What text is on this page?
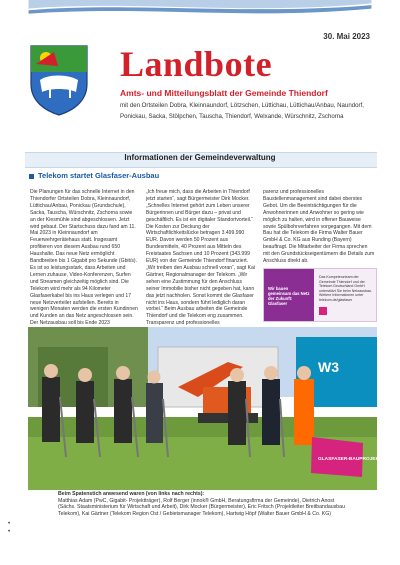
30. Mai 2023
Landbote
Amts- und Mitteilungsblatt der Gemeinde Thiendorf
mit den Ortsteilen Dobra, Kleinnaundorf, Lötzschen, Lüttichau, Lüttichau/Anbau, Naundorf,
Ponickau, Sacka, Stölpchen, Tauscha, Thiendorf, Welxande, Würschnitz, Zschorna
Informationen der Gemeindeverwaltung
Telekom startet Glasfaser-Ausbau
Die Planungen für das schnelle Internet in den Thiendorfer Ortsteilen Dobra, Kleinnaundorf, Lüttichau/Anbau, Ponickau (Grundschule), Sacka, Tauscha, Würschnitz, Zschorna sowie an der Kiesmühle sind abgeschlossen. Jetzt wird gebaut. Der Startschuss dazu fand am 11. Mai 2023 in Kleinnaundorf am Feuerwehrgerätehaus statt. Insgesamt profitieren von diesem Ausbau rund 650 Haushalte. Das neue Netz ermöglicht Bandbreiten bis 1 Gigabit pro Sekunde (Gbit/s). Es ist so leistungsstark, dass Arbeiten und Lernen zuhause, Video-Konferenzen, Surfen und Streamen gleichzeitig möglich sind. Die Telekom wird mehr als 94 Kilometer Glasfaserkabel bis ins Haus verlegen und 17 neue Netzverteiler aufstellen. Bereits in wenigen Monaten werden die ersten Kundinnen und Kunden an das Netz angeschlossen sein. Der Netzausbau soll bis Ende 2023
„Ich freue mich, dass die Arbeiten in Thiendorf jetzt starten“, sagt Bürgermeister Dirk Mocker. „Schnelles Internet gehört zum Leben unserer Bürgerinnen und Bürger dazu – privat und geschäftlich. Es ist ein digitaler Standortvorteil.“ Die Kosten zur Deckung der Wirtschaftlichkeitslücke betragen 3.499.990 EUR. Davon werden 50 Prozent aus Bundesmitteln, 40 Prozent aus Mitteln des Freistaates Sachsen und 10 Prozent (343.999 EUR) von der Gemeinde Thiendorf finanziert. „Wir treiben den Ausbau schnell voran“, sagt Kai Gärtner, Regionalmanager der Telekom. „Wir sehen eine Zustimmung für den Anschluss seiner Immobilie bisher nicht gegeben hat, kann das jetzt nachholen. Sonst kommt die Glasfaser nicht ins Haus, sondern führt lediglich daran vorbei.“ Beim Ausbau arbeiten die Gemeinde Thiendorf und die Telekom eng zusammen. Transparenz und professionelles
parenz und professionelles Baustellenmanagement sind dabei oberstes Gebot. Um die Beeinträchtigungen für die Anwohnerinnen und Anwohner so gering wie möglich zu halten, wird in offener Bauweise sowie Spülbohrverfahren vorgegangen. Mit dem Bau hat die Telekom die Firma Walter Bauer GmbH & Co. KG aus Runding (Bayern) beauftragt. Die Mitarbeiter der Firma sprechen mit den Grundstückseigentümern die Details zum Anschluss direkt ab.
Wir bauen gemeinsam das Netz der Zukunft: Glasfaser
Das Kompetenzteam der Gemeinde Thiendorf und der Telekom Deutschland GmbH unterstützt Sie beim Netzausbau. Weitere Informationen unter telekom.de/glasfaser
W3
GLASFASER-BAUPROJEKTEN
Beim Spatenstich anwesend waren (von links nach rechts):
Matthias Adam (PwC, Gigabit- Projektträger), Rolf Berger (innok® GmbH, Beratungsfirma der Gemeinde), Dietrich Anost (Sächs. Staatsministerium für Wirtschaft und Arbeit), Dirk Mocker (Bürgermeister), Eric Fritsch (Projektleiter Breitbandausbau Telekom), Kai Gärtner (Telekom Region Ost / Gebietsmanager Telekom), Hartwig Höpf (Walter Bauer GmbH & Co. KG)
•
•
